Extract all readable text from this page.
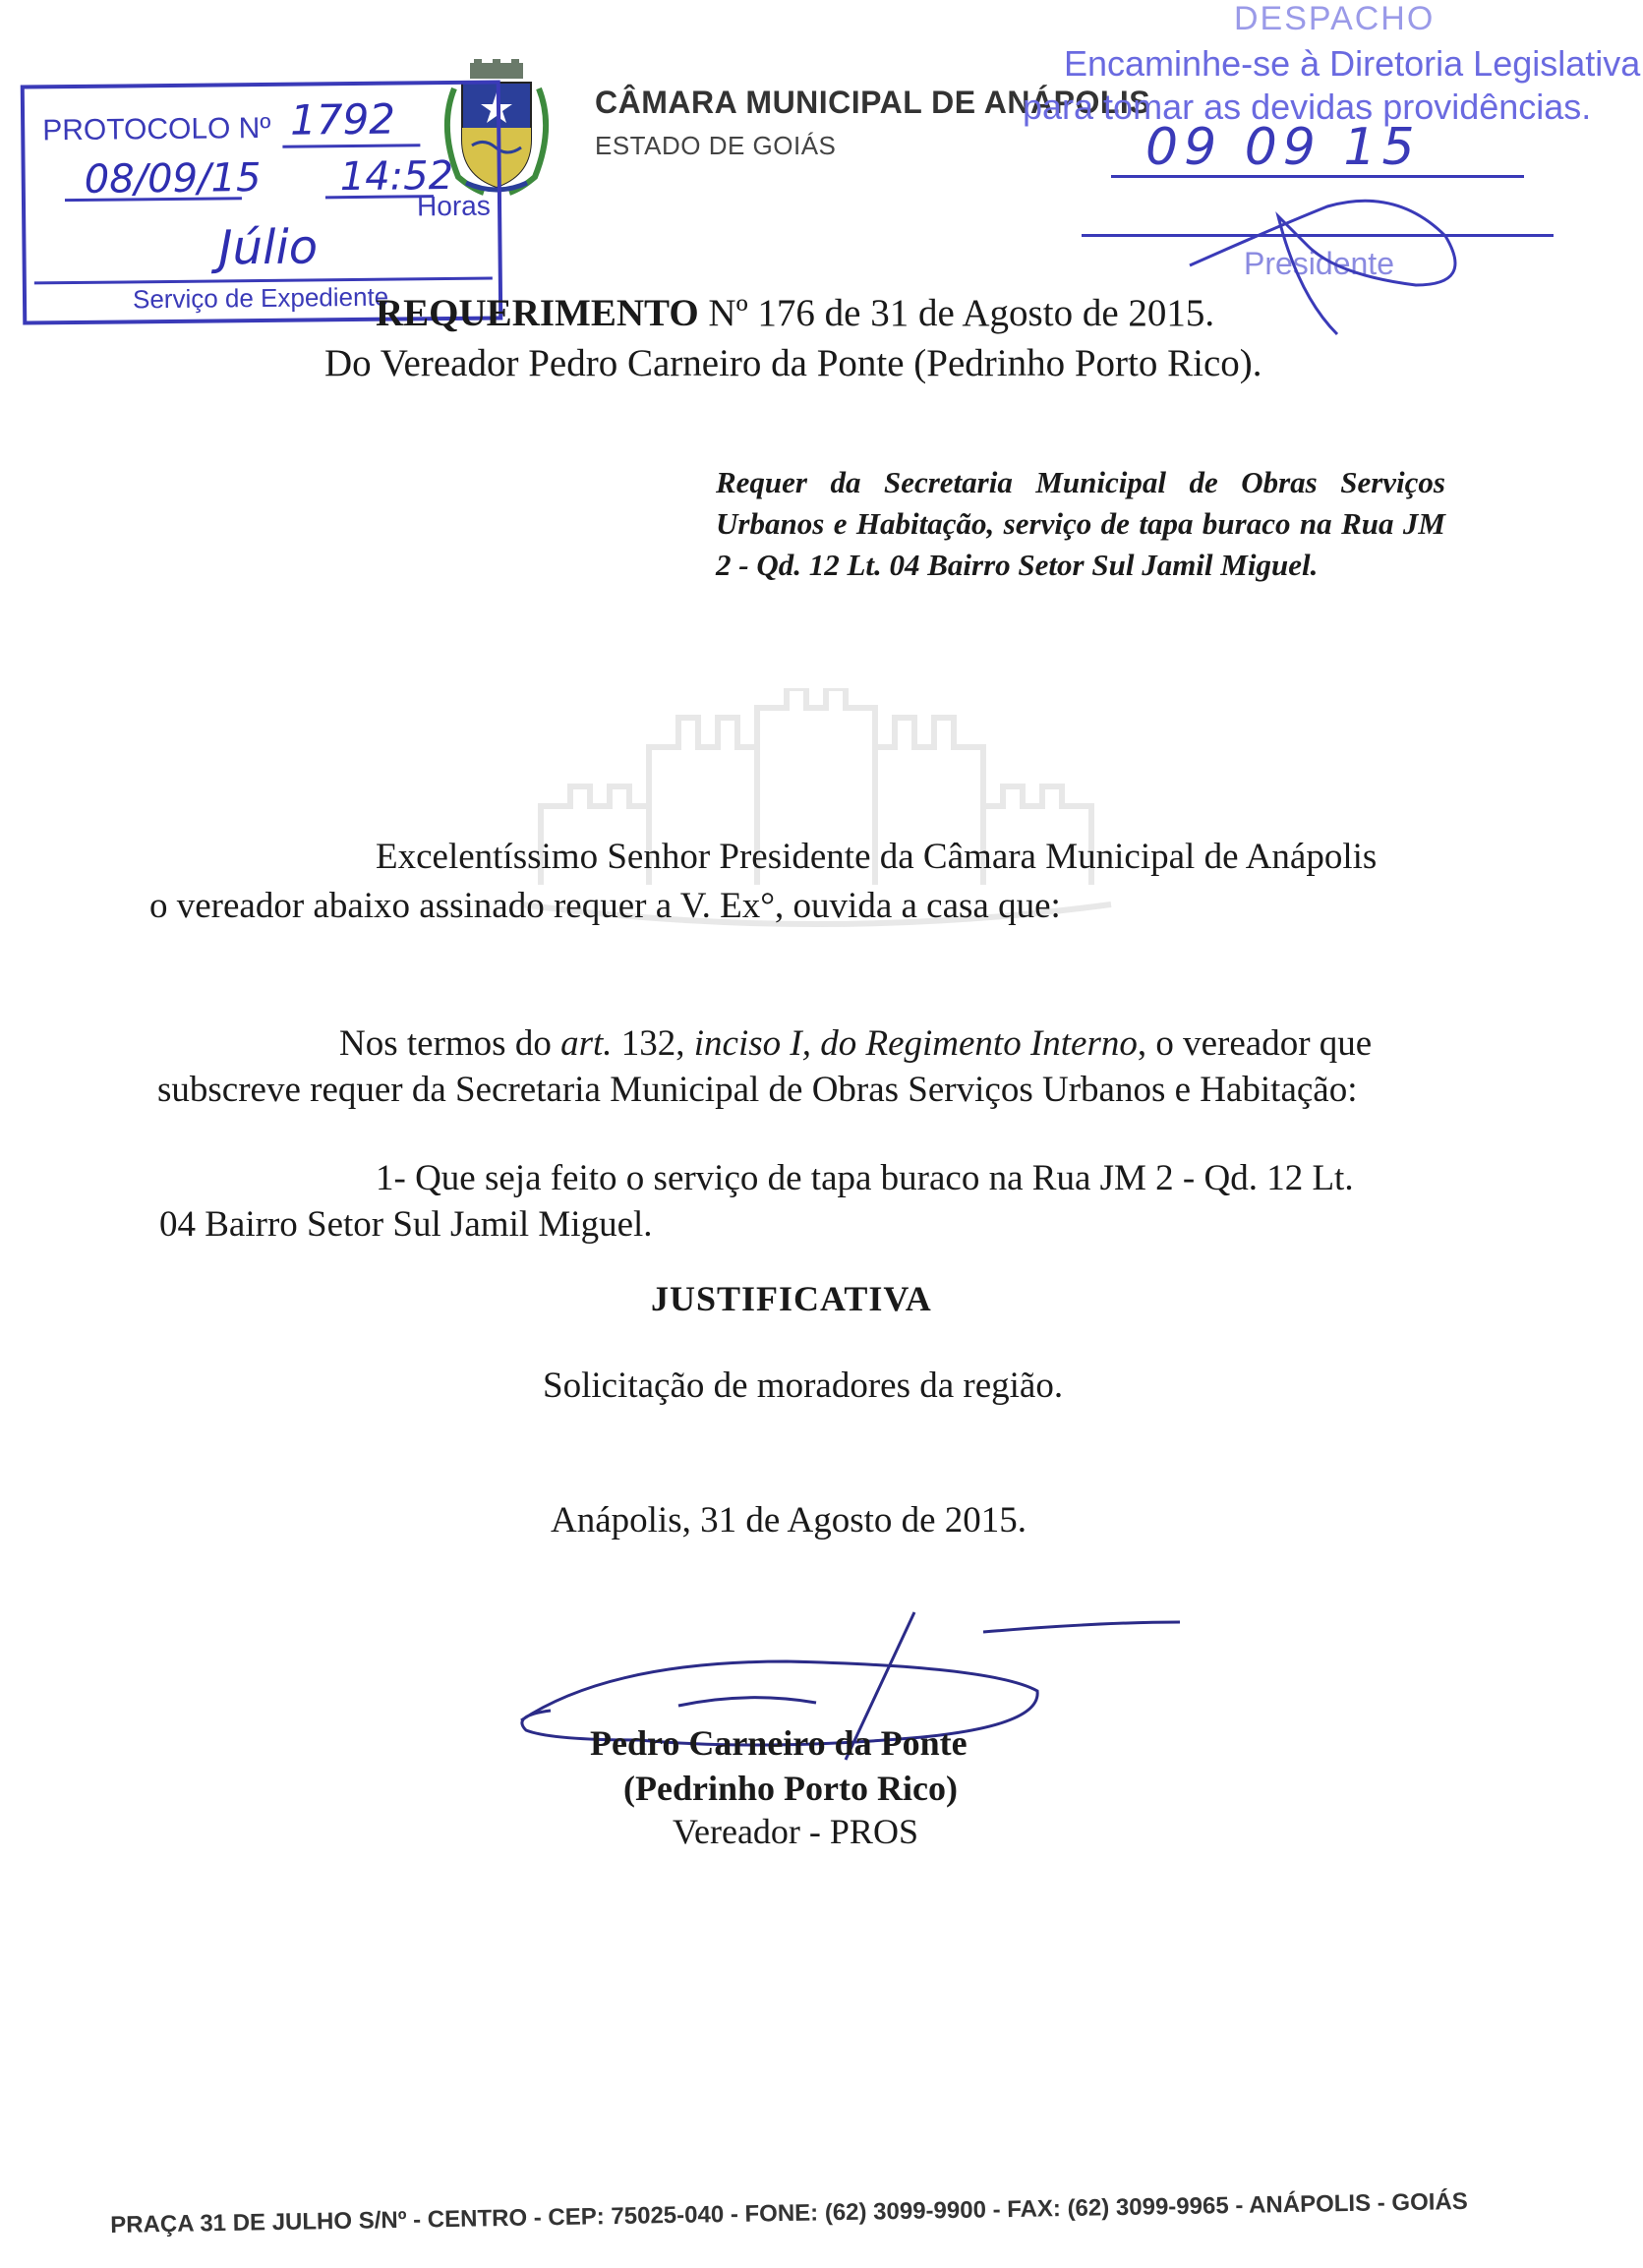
CÂMARA MUNICIPAL DE ANÁPOLIS
ESTADO DE GOIÁS
PROTOCOLO Nº 1792
08/09/15 14:52
Horas
Júlio
Serviço de Expediente
DESPACHO
Encaminhe-se à Diretoria Legislativa
para tomar as devidas providências.
09 09 15
Presidente
REQUERIMENTO Nº 176 de 31 de Agosto de 2015.
Do Vereador Pedro Carneiro da Ponte (Pedrinho Porto Rico).
Requer da Secretaria Municipal de Obras Serviços Urbanos e Habitação, serviço de tapa buraco na Rua JM 2 - Qd. 12 Lt. 04 Bairro Setor Sul Jamil Miguel.
Excelentíssimo Senhor Presidente da Câmara Municipal de Anápolis
o vereador abaixo assinado requer a V. Ex°, ouvida a casa que:
Nos termos do art. 132, inciso I, do Regimento Interno, o vereador que
subscreve requer da Secretaria Municipal de Obras Serviços Urbanos e Habitação:
1- Que seja feito o serviço de tapa buraco na Rua JM 2 - Qd. 12 Lt.
04 Bairro Setor Sul Jamil Miguel.
JUSTIFICATIVA
Solicitação de moradores da região.
Anápolis, 31 de Agosto de 2015.
Pedro Carneiro da Ponte
(Pedrinho Porto Rico)
Vereador - PROS
PRAÇA 31 DE JULHO S/Nº - CENTRO - CEP: 75025-040 - FONE: (62) 3099-9900 - FAX: (62) 3099-9965 - ANÁPOLIS - GOIÁS
